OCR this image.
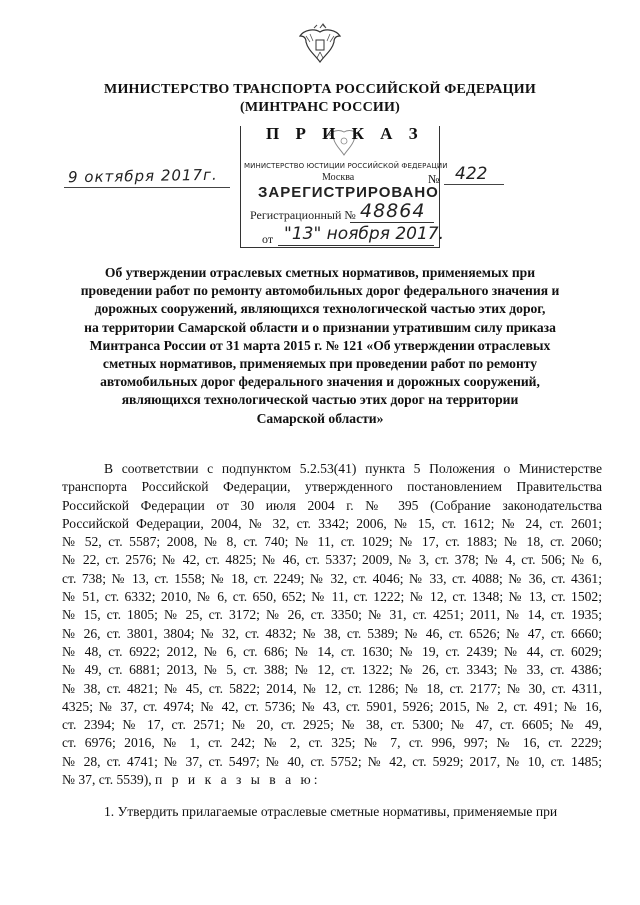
МИНИСТЕРСТВО ТРАНСПОРТА РОССИЙСКОЙ ФЕДЕРАЦИИ
(МИНТРАНС РОССИИ)
П Р И К А З
МИНИСТЕРСТВО ЮСТИЦИИ РОССИЙСКОЙ ФЕДЕРАЦИИ
Москва
ЗАРЕГИСТРИРОВАНО
Регистрационный № 48864
от "13" ноября 2017.
9 октября 2017г.	№ 422
Об утверждении отраслевых сметных нормативов, применяемых при
проведении работ по ремонту автомобильных дорог федерального значения и
дорожных сооружений, являющихся технологической частью этих дорог,
на территории Самарской области и о признании утратившим силу приказа
Минтранса России от 31 марта 2015 г. № 121 «Об утверждении отраслевых
сметных нормативов, применяемых при проведении работ по ремонту
автомобильных дорог федерального значения и дорожных сооружений,
являющихся технологической частью этих дорог на территории
Самарской области»
В соответствии с подпунктом 5.2.53(41) пункта 5 Положения о Министерстве
транспорта Российской Федерации, утвержденного постановлением Правительства
Российской Федерации от 30 июля 2004 г. № 395 (Собрание законодательства
Российской Федерации, 2004, № 32, ст. 3342; 2006, № 15, ст. 1612; № 24, ст. 2601;
№ 52, ст. 5587; 2008, № 8, ст. 740; № 11, ст. 1029; № 17, ст. 1883; № 18, ст. 2060;
№ 22, ст. 2576; № 42, ст. 4825; № 46, ст. 5337; 2009, № 3, ст. 378; № 4, ст. 506; № 6,
ст. 738; № 13, ст. 1558; № 18, ст. 2249; № 32, ст. 4046; № 33, ст. 4088; № 36, ст. 4361;
№ 51, ст. 6332; 2010, № 6, ст. 650, 652; № 11, ст. 1222; № 12, ст. 1348; № 13, ст. 1502;
№ 15, ст. 1805; № 25, ст. 3172; № 26, ст. 3350; № 31, ст. 4251; 2011, № 14, ст. 1935;
№ 26, ст. 3801, 3804; № 32, ст. 4832; № 38, ст. 5389; № 46, ст. 6526; № 47, ст. 6660;
№ 48, ст. 6922; 2012, № 6, ст. 686; № 14, ст. 1630; № 19, ст. 2439; № 44, ст. 6029;
№ 49, ст. 6881; 2013, № 5, ст. 388; № 12, ст. 1322; № 26, ст. 3343; № 33, ст. 4386;
№ 38, ст. 4821; № 45, ст. 5822; 2014, № 12, ст. 1286; № 18, ст. 2177; № 30, ст. 4311,
4325; № 37, ст. 4974; № 42, ст. 5736; № 43, ст. 5901, 5926; 2015, № 2, ст. 491; № 16,
ст. 2394; № 17, ст. 2571; № 20, ст. 2925; № 38, ст. 5300; № 47, ст. 6605; № 49,
ст. 6976; 2016, № 1, ст. 242; № 2, ст. 325; № 7, ст. 996, 997; № 16, ст. 2229;
№ 28, ст. 4741; № 37, ст. 5497; № 40, ст. 5752; № 42, ст. 5929; 2017, № 10, ст. 1485;
№ 37, ст. 5539), п р и к а з ы в а ю:
1. Утвердить прилагаемые отраслевые сметные нормативы, применяемые при
